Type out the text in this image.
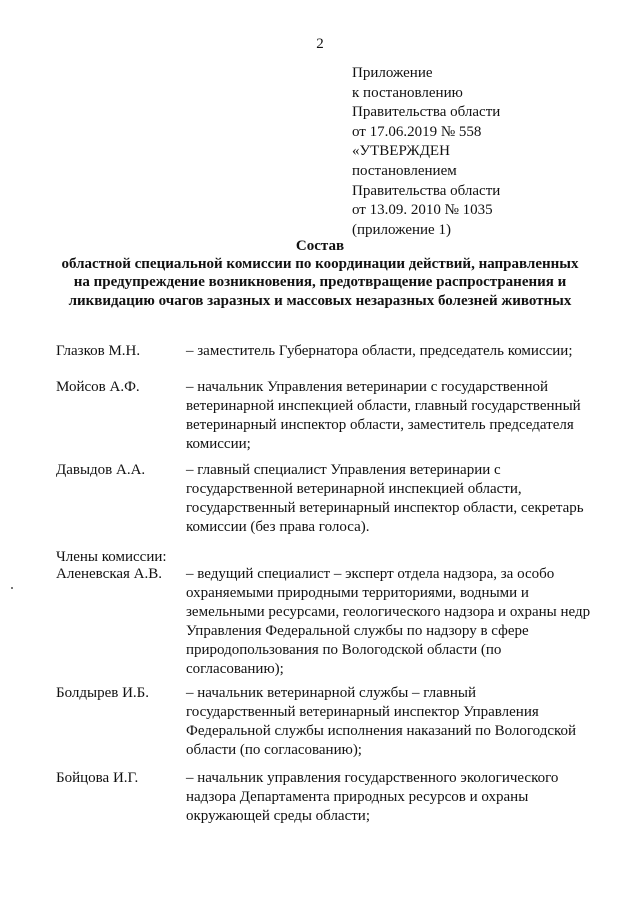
2
Приложение
к постановлению
Правительства области
от 17.06.2019 № 558
«УТВЕРЖДЕН
постановлением
Правительства области
от 13.09. 2010 № 1035
(приложение 1)
Состав
областной специальной комиссии по координации действий, направленных
на предупреждение возникновения, предотвращение распространения и
ликвидацию очагов заразных и массовых незаразных болезней животных
Глазков М.Н.	– заместитель Губернатора области, председатель комиссии;
Мойсов А.Ф.	– начальник Управления ветеринарии с государственной
ветеринарной инспекцией области, главный государственный
ветеринарный инспектор области, заместитель председателя
комиссии;
Давыдов А.А.	– главный специалист Управления ветеринарии с
государственной ветеринарной инспекцией области,
государственный ветеринарный инспектор области, секретарь
комиссии (без права голоса).
Члены комиссии:
Аленевская А.В. – ведущий специалист – эксперт отдела надзора, за особо
охраняемыми природными территориями, водными и
земельными ресурсами, геологического надзора и охраны недр
Управления Федеральной службы по надзору в сфере
природопользования по Вологодской области (по
согласованию);
Болдырев И.Б. – начальник ветеринарной службы – главный
государственный ветеринарный инспектор Управления
Федеральной службы исполнения наказаний по Вологодской
области (по согласованию);
Бойцова И.Г.	– начальник управления государственного экологического
надзора Департамента природных ресурсов и охраны
окружающей среды области;
